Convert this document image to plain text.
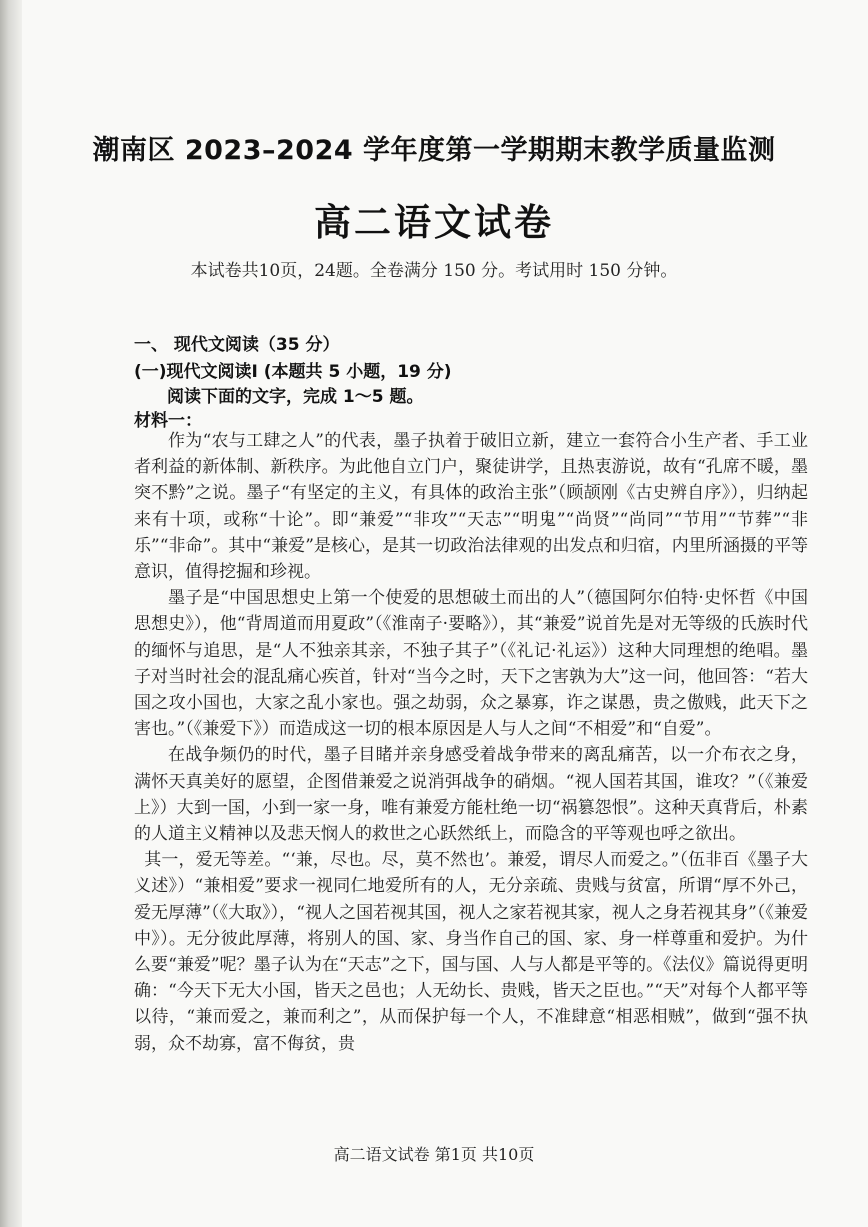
潮南区 2023–2024 学年度第一学期期末教学质量监测
高二语文试卷
本试卷共10页，24题。全卷满分 150 分。考试用时 150 分钟。
一、 现代文阅读（35 分）
(一)现代文阅读Ⅰ (本题共 5 小题，19 分)
阅读下面的文字，完成 1～5 题。
材料一：

作为“农与工肆之人”的代表，墨子执着于破旧立新，建立一套符合小生产者、手工业者利益的新体制、新秩序。为此他自立门户，聚徒讲学，且热衷游说，故有“孔席不暖，墨突不黔”之说。墨子“有坚定的主义，有具体的政治主张”（顾颉刚《古史辨自序》），归纳起来有十项，或称“十论”。即“兼爱”“非攻”“天志”“明鬼”“尚贤”“尚同”“节用”“节葬”“非乐”“非命”。其中“兼爱”是核心，是其一切政治法律观的出发点和归宿，内里所涵摄的平等意识，值得挖掘和珍视。

墨子是“中国思想史上第一个使爱的思想破土而出的人”（德国阿尔伯特·史怀哲《中国思想史》），他“背周道而用夏政”（《淮南子·要略》），其“兼爱”说首先是对无等级的氏族时代的缅怀与追思，是“人不独亲其亲，不独子其子”（《礼记·礼运》）这种大同理想的绝唱。墨子对当时社会的混乱痛心疾首，针对“当今之时，天下之害孰为大”这一问，他回答：“若大国之攻小国也，大家之乱小家也。强之劫弱，众之暴寡，诈之谋愚，贵之傲贱，此天下之害也。”（《兼爱下》）而造成这一切的根本原因是人与人之间“不相爱”和“自爱”。

在战争频仍的时代，墨子目睹并亲身感受着战争带来的离乱痛苦，以一介布衣之身，满怀天真美好的愿望，企图借兼爱之说消弭战争的硝烟。“视人国若其国，谁攻？”（《兼爱上》）大到一国，小到一家一身，唯有兼爱方能杜绝一切“祸篡怨恨”。这种天真背后，朴素的人道主义精神以及悲天悯人的救世之心跃然纸上，而隐含的平等观也呼之欲出。

其一，爱无等差。“‘兼，尽也。尽，莫不然也’。兼爱，谓尽人而爱之。”（伍非百《墨子大义述》）“兼相爱”要求一视同仁地爱所有的人，无分亲疏、贵贱与贫富，所谓“厚不外己，爱无厚薄”（《大取》），“视人之国若视其国，视人之家若视其家，视人之身若视其身”（《兼爱中》）。无分彼此厚薄，将别人的国、家、身当作自己的国、家、身一样尊重和爱护。为什么要“兼爱”呢？墨子认为在“天志”之下，国与国、人与人都是平等的。《法仪》篇说得更明确：“今天下无大小国，皆天之邑也；人无幼长、贵贱，皆天之臣也。”“天”对每个人都平等以待，“兼而爱之，兼而利之”，从而保护每一个人，不准肆意“相恶相贼”，做到“强不执弱，众不劫寡，富不侮贫，贵

高二语文试卷 第1页 共10页
